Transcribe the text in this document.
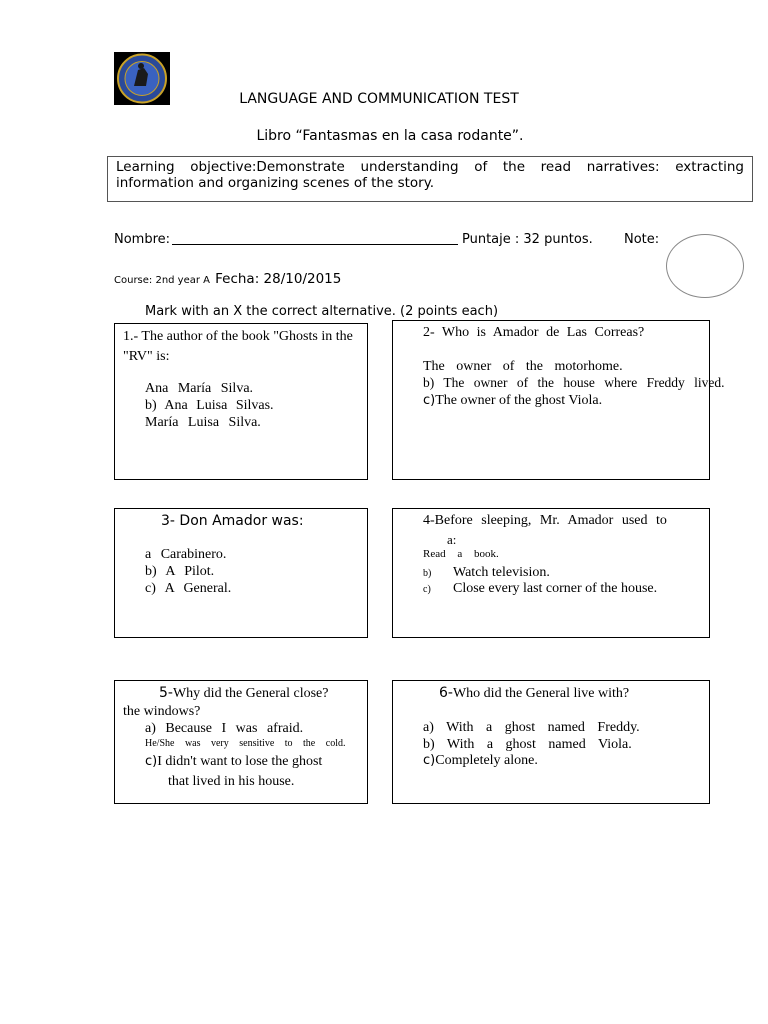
LANGUAGE AND COMMUNICATION TEST
Libro “Fantasmas en la casa rodante”.
Learning objective:Demonstrate understanding of the read narratives: extracting information and organizing scenes of the story.
Nombre:	Puntaje : 32 puntos. Note:
Course: 2nd year A Fecha: 28/10/2015
Mark with an X the correct alternative. (2 points each)
1.- The author of the book "Ghosts in the
"RV" is:
Ana María Silva.
b) Ana Luisa Silvas.
María Luisa Silva.
2- Who is Amador de Las Correas?
The owner of the motorhome.
b) The owner of the house where Freddy lived.
c)The owner of the ghost Viola.
3- Don Amador was:
a Carabinero.
b) A Pilot.
c) A General.
4-Before sleeping, Mr. Amador used to
a:
Read a book.
b) Watch television.
c) Close every last corner of the house.
5-Why did the General close?
the windows?
a) Because I was afraid.
He/She was very sensitive to the cold.
c)I didn't want to lose the ghost
that lived in his house.
6-Who did the General live with?
a) With a ghost named Freddy.
b) With a ghost named Viola.
c)Completely alone.
